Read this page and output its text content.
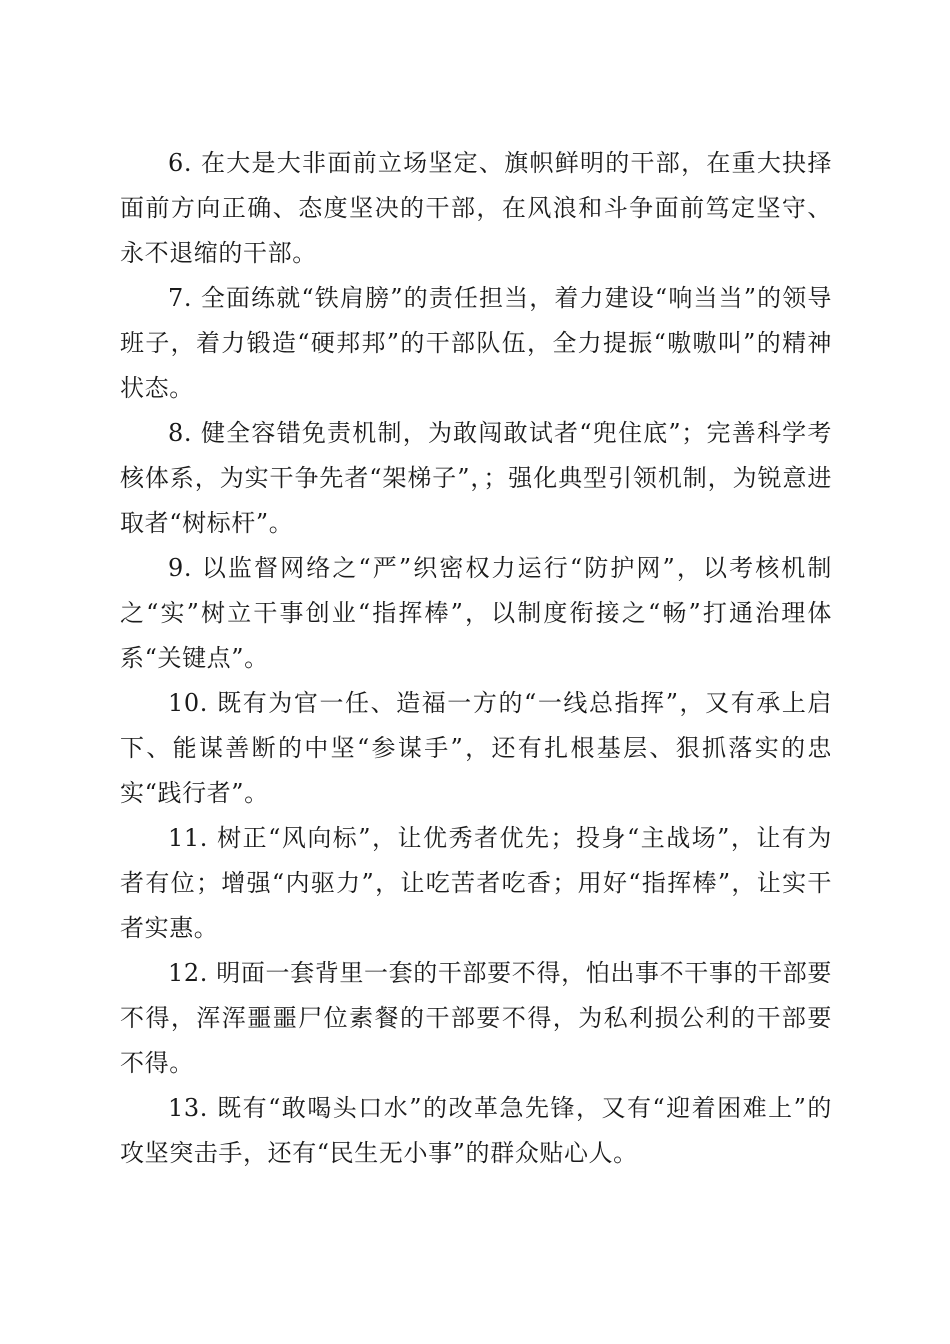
6. 在大是大非面前立场坚定、旗帜鲜明的干部，在重大抉择面前方向正确、态度坚决的干部，在风浪和斗争面前笃定坚守、永不退缩的干部。

7. 全面练就“铁肩膀”的责任担当，着力建设“响当当”的领导班子，着力锻造“硬邦邦”的干部队伍，全力提振“嗷嗷叫”的精神状态。

8. 健全容错免责机制，为敢闯敢试者“兜住底”；完善科学考核体系，为实干争先者“架梯子”，；强化典型引领机制，为锐意进取者“树标杆”。

9. 以监督网络之“严”织密权力运行“防护网”，以考核机制之“实”树立干事创业“指挥棒”，以制度衔接之“畅”打通治理体系“关键点”。

10. 既有为官一任、造福一方的“一线总指挥”，又有承上启下、能谋善断的中坚“参谋手”，还有扎根基层、狠抓落实的忠实“践行者”。

11. 树正“风向标”，让优秀者优先；投身“主战场”，让有为者有位；增强“内驱力”，让吃苦者吃香；用好“指挥棒”，让实干者实惠。

12. 明面一套背里一套的干部要不得，怕出事不干事的干部要不得，浑浑噩噩尸位素餐的干部要不得，为私利损公利的干部要不得。

13. 既有“敢喝头口水”的改革急先锋，又有“迎着困难上”的攻坚突击手，还有“民生无小事”的群众贴心人。
